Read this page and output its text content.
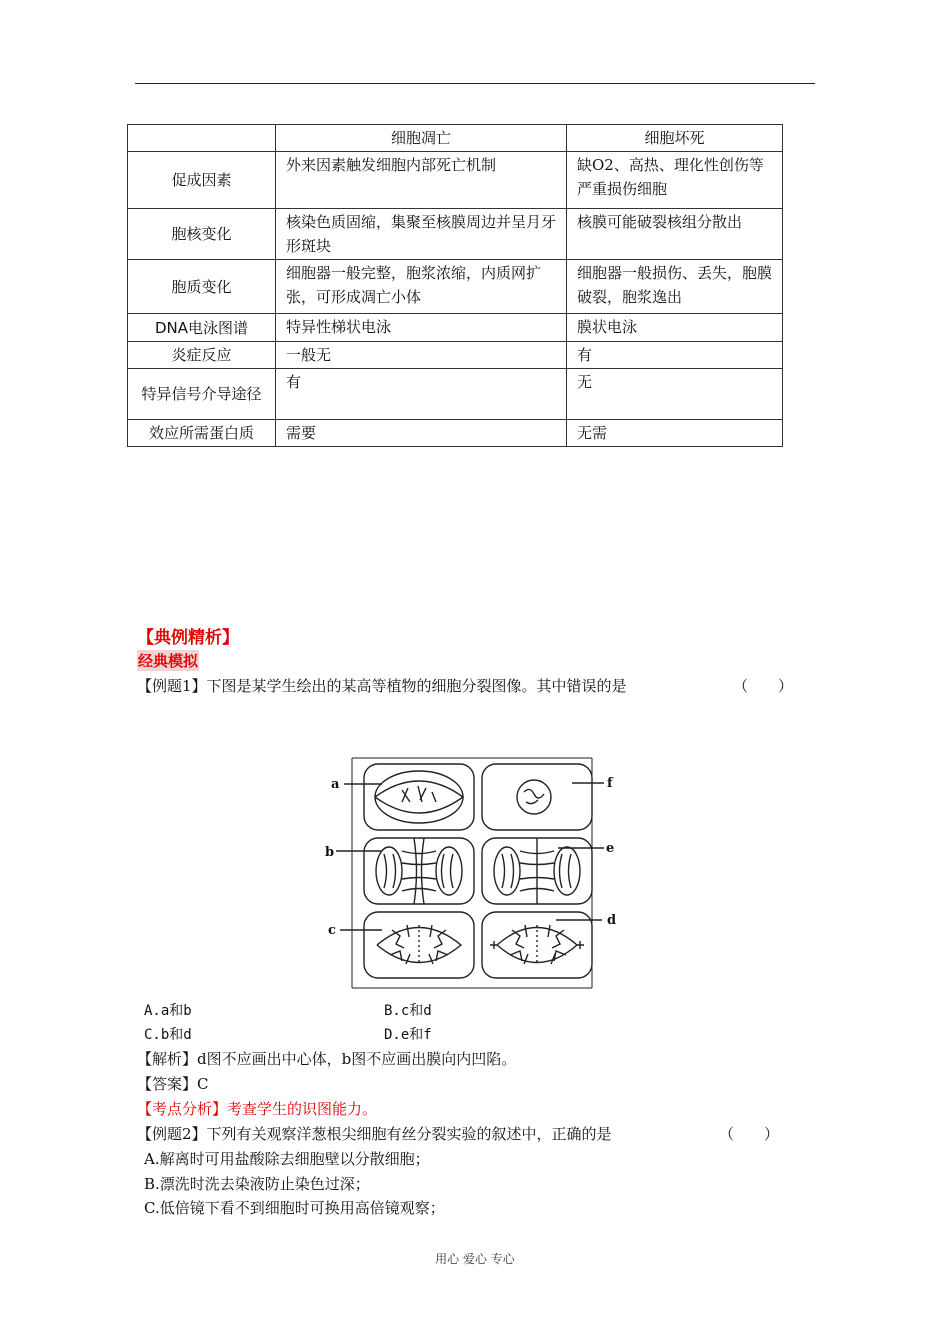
	细胞凋亡	细胞坏死
促成因素	外来因素触发细胞内部死亡机制	缺O2、高热、理化性创伤等严重损伤细胞
胞核变化	核染色质固缩，集聚至核膜周边并呈月牙形斑块	核膜可能破裂核组分散出
胞质变化	细胞器一般完整，胞浆浓缩，内质网扩张，可形成凋亡小体	细胞器一般损伤、丢失，胞膜破裂，胞浆逸出
DNA电泳图谱	特异性梯状电泳	膜状电泳
炎症反应	一般无	有
特异信号介导途径	有	无
效应所需蛋白质	需要	无需
【典例精析】
经典模拟
【例题1】下图是某学生绘出的某高等植物的细胞分裂图像。其中错误的是	（　　）
a
b
c
d
e
f
A.a和b	B.c和d
C.b和d	D.e和f
【解析】d图不应画出中心体，b图不应画出膜向内凹陷。
【答案】C
【考点分析】考查学生的识图能力。
【例题2】下列有关观察洋葱根尖细胞有丝分裂实验的叙述中，正确的是	（　　）
A.解离时可用盐酸除去细胞壁以分散细胞；
B.漂洗时洗去染液防止染色过深；
C.低倍镜下看不到细胞时可换用高倍镜观察；
用心 爱心 专心
